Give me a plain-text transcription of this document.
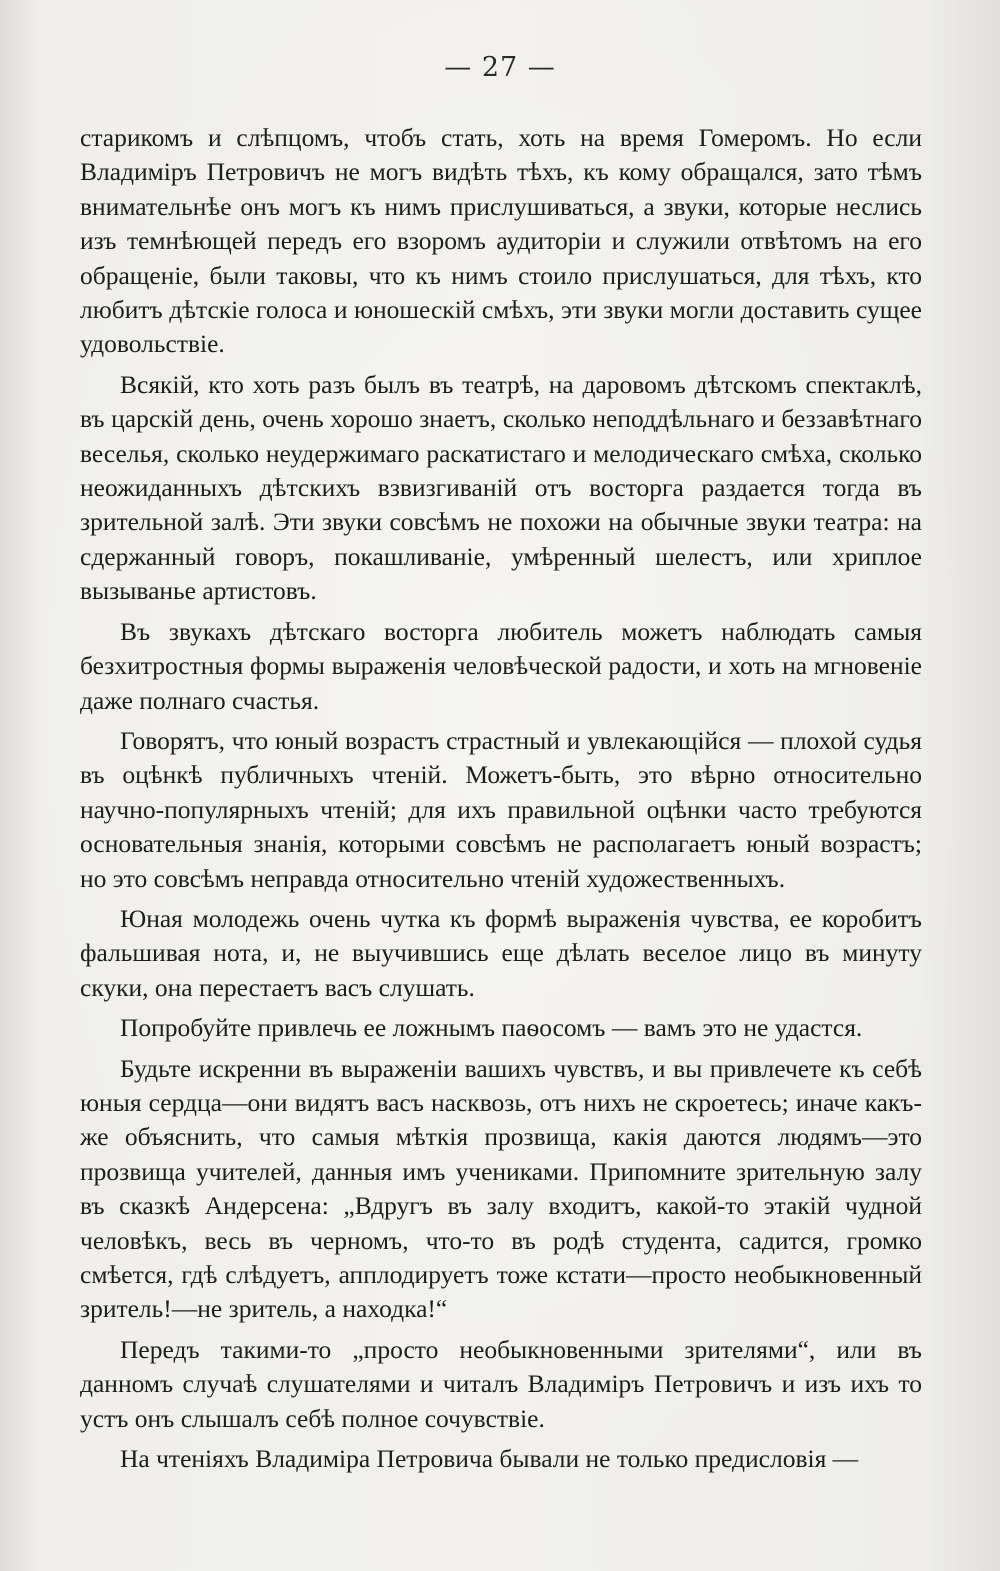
— 27 —

старикомъ и слѣпцомъ, чтобъ стать, хоть на время Гомеромъ. Но если Владимiръ Петровичъ не могъ видѣть тѣхъ, къ кому обращался, зато тѣмъ внимательнѣе онъ могъ къ нимъ прислушиваться, а звуки, которые неслись изъ темнѣющей передъ его взоромъ аудиторiи и служили отвѣтомъ на его обращенiе, были таковы, что къ нимъ стоило прислушаться, для тѣхъ, кто любитъ дѣтскiе голоса и юношескiй смѣхъ, эти звуки могли доставить сущее удовольствiе.

Всякiй, кто хоть разъ былъ въ театрѣ, на даровомъ дѣтскомъ спектаклѣ, въ царскiй день, очень хорошо знаетъ, сколько неподдѣльнаго и беззавѣтнаго веселья, сколько неудержимаго раскатистаго и мелодическаго смѣха, сколько неожиданныхъ дѣтскихъ взвизгиванiй отъ восторга раздается тогда въ зрительной залѣ. Эти звуки совсѣмъ не похожи на обычные звуки театра: на сдержанный говоръ, покашливанiе, умѣренный шелестъ, или хриплое вызыванье артистовъ.

Въ звукахъ дѣтскаго восторга любитель можетъ наблюдать самыя безхитростныя формы выраженiя человѣческой радости, и хоть на мгновенiе даже полнаго счастья.

Говорятъ, что юный возрастъ страстный и увлекающiйся — плохой судья въ оцѣнкѣ публичныхъ чтенiй. Можетъ-быть, это вѣрно относительно научно-популярныхъ чтенiй; для ихъ правильной оцѣнки часто требуются основательныя знанiя, которыми совсѣмъ не располагаетъ юный возрастъ; но это совсѣмъ неправда относительно чтенiй художественныхъ.

Юная молодежь очень чутка къ формѣ выраженiя чувства, ее коробитъ фальшивая нота, и, не выучившись еще дѣлать веселое лицо въ минуту скуки, она перестаетъ васъ слушать.

Попробуйте привлечь ее ложнымъ паѳосомъ — вамъ это не удастся.

Будьте искренни въ выраженiи вашихъ чувствъ, и вы привлечете къ себѣ юныя сердца—они видятъ васъ насквозь, отъ нихъ не скроетесь; иначе какъ-же объяснить, что самыя мѣткiя прозвища, какiя даются людямъ—это прозвища учителей, данныя имъ учениками. Припомните зрительную залу въ сказкѣ Андерсена: „Вдругъ въ залу входитъ, какой-то этакiй чудной человѣкъ, весь въ черномъ, что-то въ родѣ студента, садится, громко смѣется, гдѣ слѣдуетъ, апплодируетъ тоже кстати—просто необыкновенный зритель!—не зритель, а находка!“

Передъ такими-то „просто необыкновенными зрителями“, или въ данномъ случаѣ слушателями и читалъ Владимiръ Петровичъ и изъ ихъ то устъ онъ слышалъ себѣ полное сочувствiе.

На чтенiяхъ Владимiра Петровича бывали не только предисловiя —
